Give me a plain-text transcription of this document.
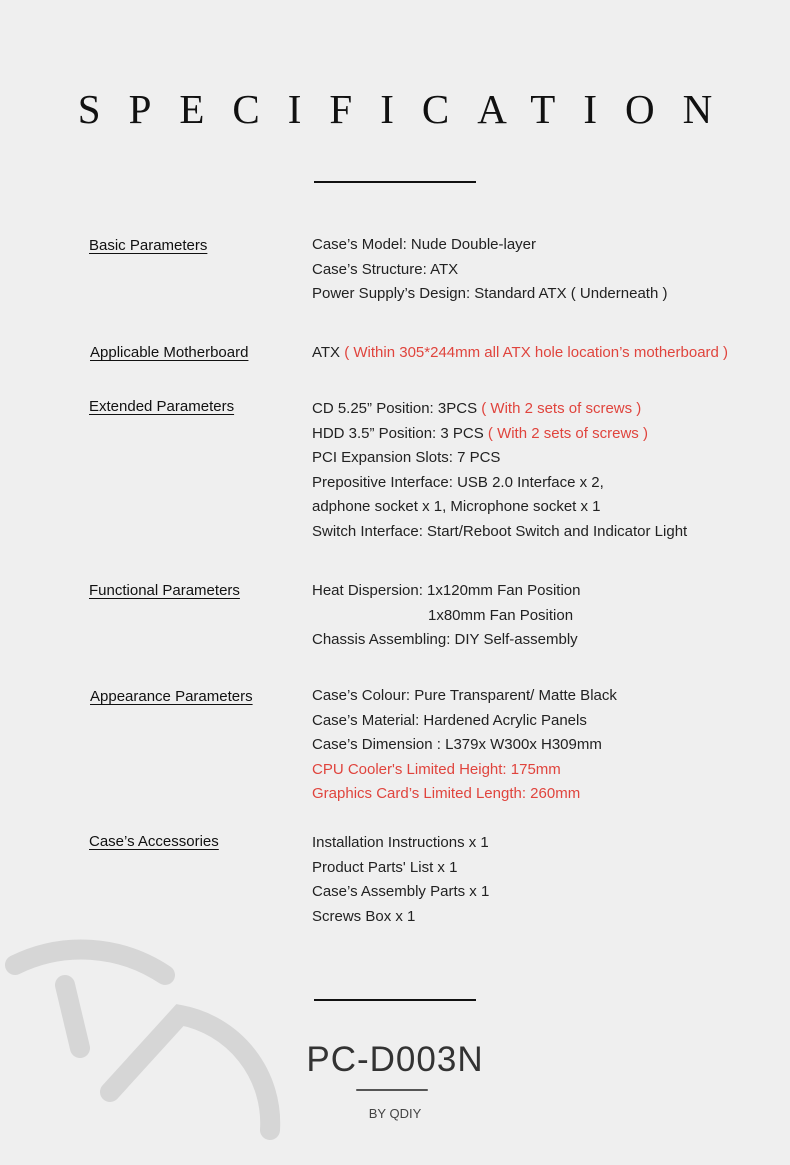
SPECIFICATION
Basic Parameters	Case’s Model: Nude Double-layer
Case’s Structure: ATX
Power Supply’s Design: Standard ATX ( Underneath )
Applicable Motherboard	ATX ( Within 305*244mm all ATX hole location’s motherboard )
Extended Parameters	CD 5.25” Position: 3PCS ( With 2 sets of screws )
HDD 3.5” Position: 3 PCS ( With 2 sets of screws )
PCI Expansion Slots: 7 PCS
Prepositive Interface: USB 2.0 Interface x 2,
adphone socket x 1, Microphone socket x 1
Switch Interface: Start/Reboot Switch and Indicator Light
Functional Parameters	Heat Dispersion: 1x120mm Fan Position
1x80mm Fan Position
Chassis Assembling: DIY Self-assembly
Appearance Parameters	Case’s Colour: Pure Transparent/ Matte Black
Case’s Material: Hardened Acrylic Panels
Case’s Dimension : L379x W300x H309mm
CPU Cooler's Limited Height: 175mm
Graphics Card’s Limited Length: 260mm
Case’s Accessories	Installation Instructions x 1
Product Parts' List x 1
Case’s Assembly Parts x 1
Screws Box x 1
PC-D003N
BY QDIY
